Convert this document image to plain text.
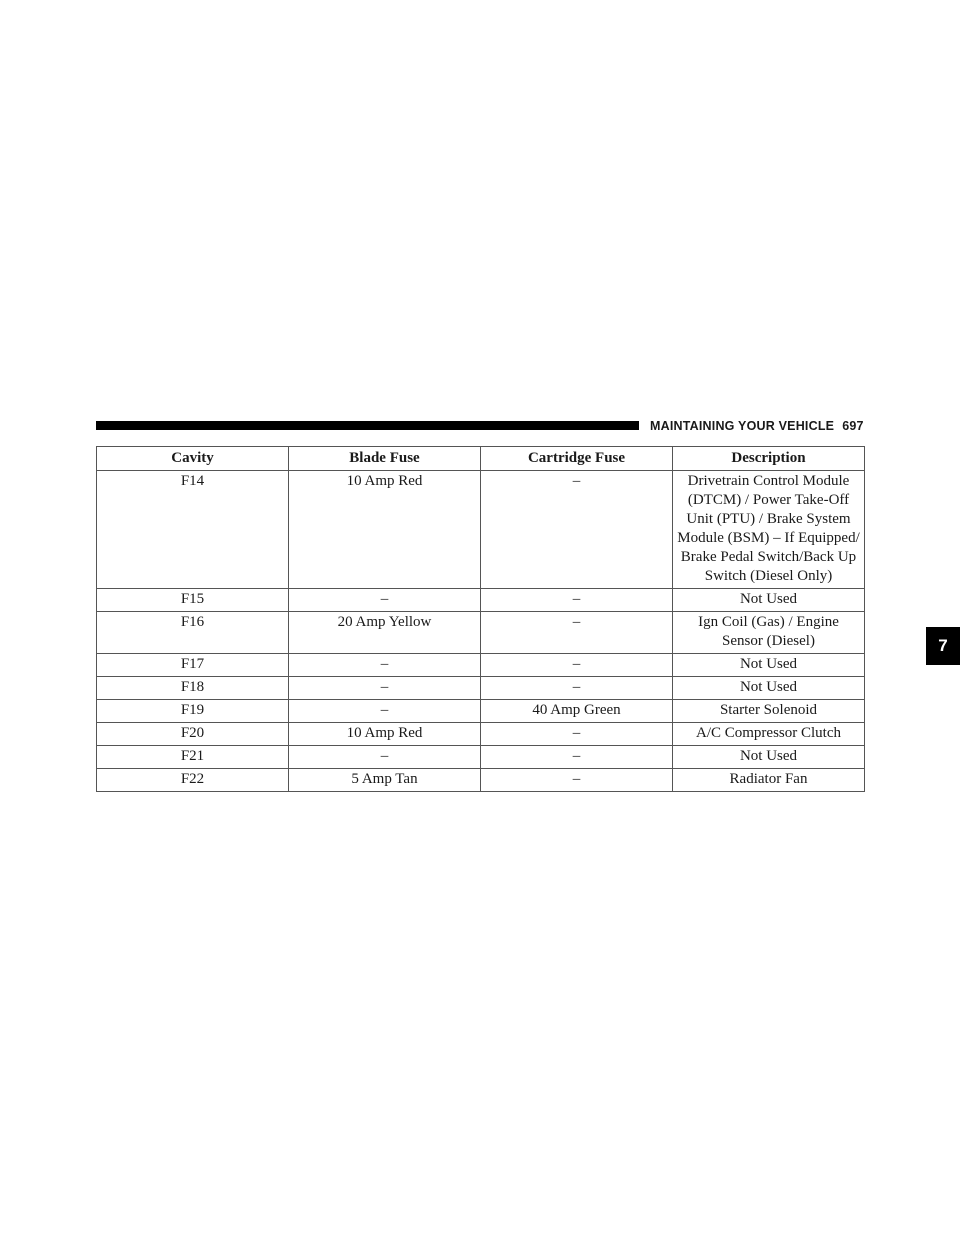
MAINTAINING YOUR VEHICLE 697
7
Cavity	Blade Fuse	Cartridge Fuse	Description
F14	10 Amp Red	–	Drivetrain Control Module (DTCM) / Power Take-Off Unit (PTU) / Brake System Module (BSM) – If Equipped/ Brake Pedal Switch/Back Up Switch (Diesel Only)
F15	–	–	Not Used
F16	20 Amp Yellow	–	Ign Coil (Gas) / Engine Sensor (Diesel)
F17	–	–	Not Used
F18	–	–	Not Used
F19	–	40 Amp Green	Starter Solenoid
F20	10 Amp Red	–	A/C Compressor Clutch
F21	–	–	Not Used
F22	5 Amp Tan	–	Radiator Fan
